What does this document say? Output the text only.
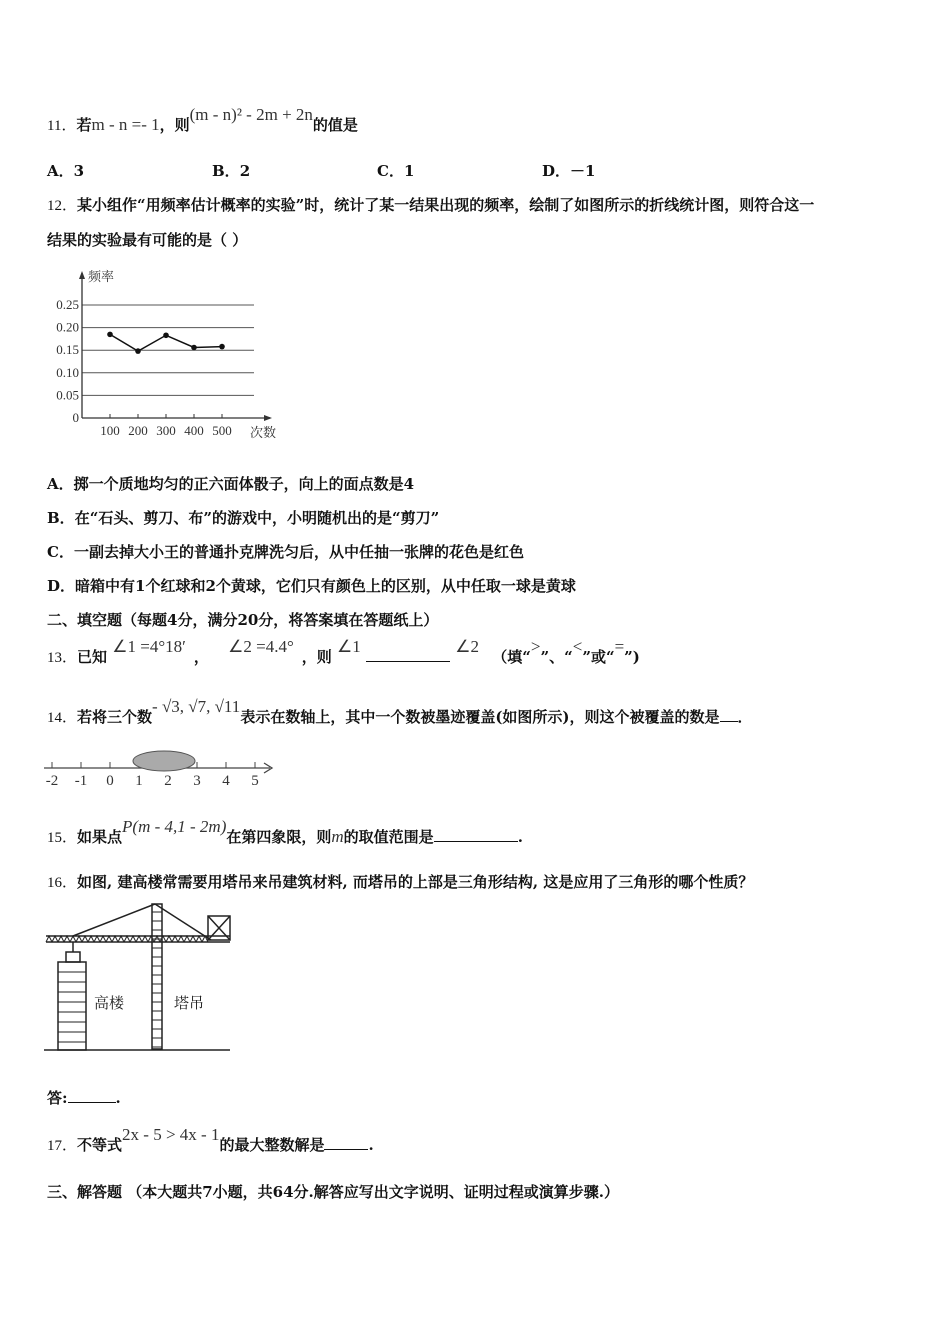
11．若m - n =- 1，则(m - n)² - 2m + 2n的值是
A．3	B．2	C．1	D．－1
12．某小组作“用频率估计概率的实验”时，统计了某一结果出现的频率，绘制了如图所示的折线统计图，则符合这一
结果的实验最有可能的是（ ）
0
0.05
0.10
0.15
0.20
0.25
频率
次数
100 200 300 400 500
A．掷一个质地均匀的正六面体骰子，向上的面点数是4
B．在“石头、剪刀、布”的游戏中，小明随机出的是“剪刀”
C．一副去掉大小王的普通扑克牌洗匀后，从中任抽一张牌的花色是红色
D．暗箱中有1个红球和2个黄球，它们只有颜色上的区别，从中任取一球是黄球
二、填空题（每题4分，满分20分，将答案填在答题纸上）
13．已知 ∠1 =4°18′， ∠2 =4.4°，则 ∠1	∠2 （填“>”、“<”或“=”)
14．若将三个数- √3, √7, √11表示在数轴上，其中一个数被墨迹覆盖(如图所示)，则这个被覆盖的数是 ．
-2 -1 0 1 2 3 4 5
15．如果点P(m - 4,1 - 2m)在第四象限，则m的取值范围是	.
16．如图, 建高楼常需要用塔吊来吊建筑材料, 而塔吊的上部是三角形结构, 这是应用了三角形的哪个性质？
高楼	塔吊
答:	.
17．不等式2x - 5 > 4x - 1的最大整数解是	.
三、解答题 （本大题共7小题，共64分.解答应写出文字说明、证明过程或演算步骤.）
